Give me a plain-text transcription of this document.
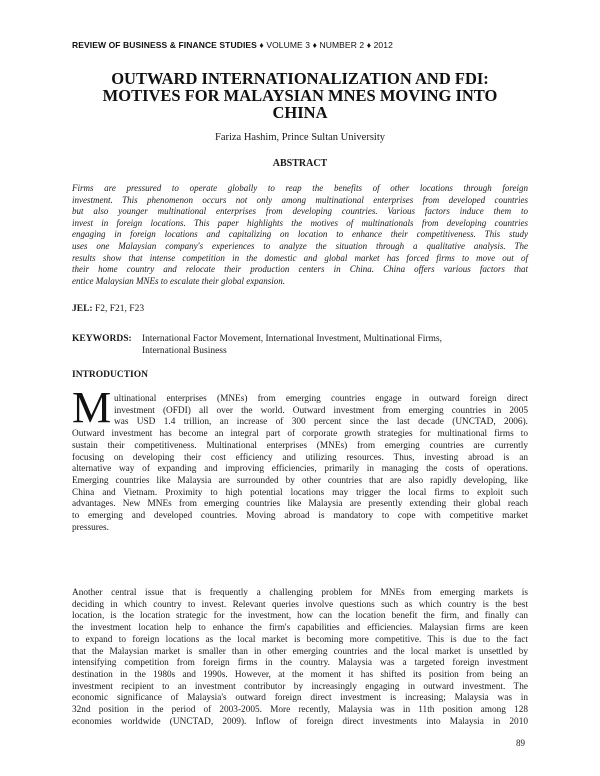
REVIEW OF BUSINESS & FINANCE STUDIES ♦ VOLUME 3 ♦ NUMBER 2 ♦ 2012
OUTWARD INTERNATIONALIZATION AND FDI:
MOTIVES FOR MALAYSIAN MNES MOVING INTO
CHINA
Fariza Hashim, Prince Sultan University
ABSTRACT
Firms are pressured to operate globally to reap the benefits of other locations through foreign
investment. This phenomenon occurs not only among multinational enterprises from developed countries
but also younger multinational enterprises from developing countries. Various factors induce them to
invest in foreign locations. This paper highlights the motives of multinationals from developing countries
engaging in foreign locations and capitalizing on location to enhance their competitiveness. This study
uses one Malaysian company's experiences to analyze the situation through a qualitative analysis. The
results show that intense competition in the domestic and global market has forced firms to move out of
their home country and relocate their production centers in China. China offers various factors that
entice Malaysian MNEs to escalate their global expansion.
JEL: F2, F21, F23
KEYWORDS: International Factor Movement, International Investment, Multinational Firms,
International Business
INTRODUCTION
M ultinational enterprises (MNEs) from emerging countries engage in outward foreign direct
investment (OFDI) all over the world. Outward investment from emerging countries in 2005
was USD 1.4 trillion, an increase of 300 percent since the last decade (UNCTAD, 2006).
Outward investment has become an integral part of corporate growth strategies for multinational firms to
sustain their competitiveness. Multinational enterprises (MNEs) from emerging countries are currently
focusing on developing their cost efficiency and utilizing resources. Thus, investing abroad is an
alternative way of expanding and improving efficiencies, primarily in managing the costs of operations.
Emerging countries like Malaysia are surrounded by other countries that are also rapidly developing, like
China and Vietnam. Proximity to high potential locations may trigger the local firms to exploit such
advantages. New MNEs from emerging countries like Malaysia are presently extending their global reach
to emerging and developed countries. Moving abroad is mandatory to cope with competitive market
pressures.
Another central issue that is frequently a challenging problem for MNEs from emerging markets is
deciding in which country to invest. Relevant queries involve questions such as which country is the best
location, is the location strategic for the investment, how can the location benefit the firm, and finally can
the investment location help to enhance the firm's capabilities and efficiencies. Malaysian firms are keen
to expand to foreign locations as the local market is becoming more competitive. This is due to the fact
that the Malaysian market is smaller than in other emerging countries and the local market is unsettled by
intensifying competition from foreign firms in the country. Malaysia was a targeted foreign investment
destination in the 1980s and 1990s. However, at the moment it has shifted its position from being an
investment recipient to an investment contributor by increasingly engaging in outward investment. The
economic significance of Malaysia's outward foreign direct investment is increasing; Malaysia was in
32nd position in the period of 2003-2005. More recently, Malaysia was in 11th position among 128
economies worldwide (UNCTAD, 2009). Inflow of foreign direct investments into Malaysia in 2010
89
